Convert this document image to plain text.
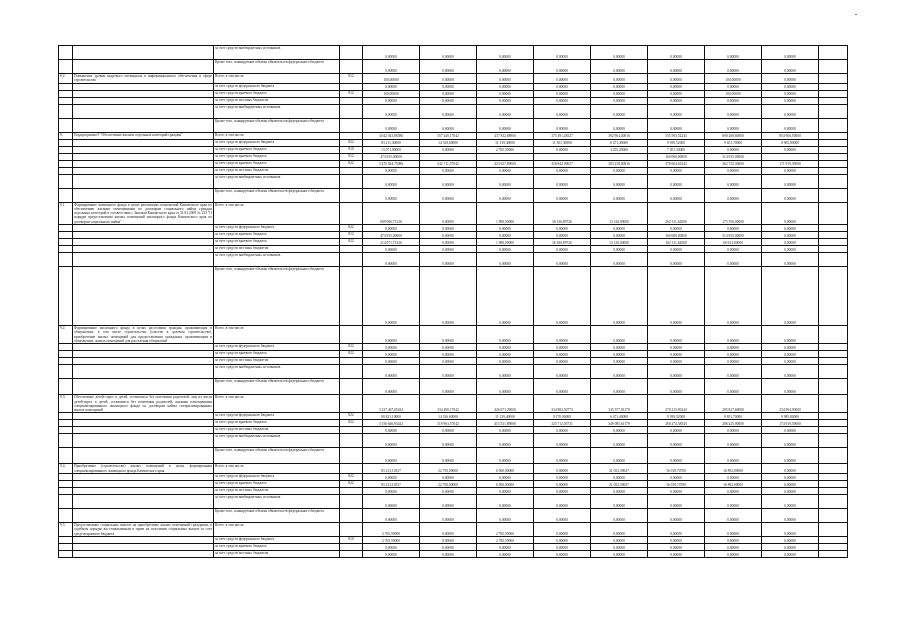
		за счет средств внебюджетных источников		0,00000	0,00000	0,00000	0,00000	0,00000	0,00000	0,00000	0,00000	
		Кроме того, планируемые объемы обязательств федерального бюджета		0,00000	0,00000	0,00000	0,00000	0,00000	0,00000	0,00000	0,00000	
8.2.	Повышение уровня кадрового потенциала в информационного обеспечения в сфере строительства	Всего, в том числе:	812	100,00000	0,00000	0,00000	0,00000	0,00000	0,00000	100,00000	0,00000	
		за счет средств федерального бюджета		0,00000	0,00000	0,00000	0,00000	0,00000	0,00000	0,00000	0,00000	
		за счет средств краевого бюджета	812	100,00000	0,00000	0,00000	0,00000	0,00000	0,00000	100,00000	0,00000	
		за счет средств местных бюджетов		0,00000	0,00000	0,00000	0,00000	0,00000	0,00000	0,00000	0,00000	
		за счет средств внебюджетных источников		0,00000	0,00000	0,00000	0,00000	0,00000	0,00000	0,00000	0,00000	
		Кроме того, планируемые объемы обязательств федерального бюджета		0,00000	0,00000	0,00000	0,00000	0,00000	0,00000	0,00000	0,00000	
9.	Подпрограмма 9 "Обеспечение жильем отдельных категорий граждан"	Всего, в том числе:		4 042 043,86586	357 240,17042	437 832,88900	375 491,28527	392 964,40816	555 595,52243	690 269,60000	854 906,50000	
		за счет средств федерального бюджета	822	83 211,30000	14 528,60000	11 139,40000	11 561,30000	6 471,40000	9 939,52000	9 651,70000	8 905,80000	
		за счет средств краевого бюджета	810	13 071,90000	0,00000	2 765,59000	0,00000	3 255,20000	7 051,30000	0,00000	0,00000	
		за счет средств краевого бюджета	812	474 935,00000					160 000,00000	314 935,00000		
		за счет средств краевого бюджета	822	3 470 824,75086	342 711,57042	423 927,89000	358 842,90657	383 238,00816	378 604,65243	362 732,30000	171 919,39000	
		за счет средств местных бюджетов		0,00000	0,00000	0,00000	0,00000	0,00000	0,00000	0,00000	0,00000	
		за счет средств внебюджетных источников		0,00000	0,00000	0,00000	0,00000	0,00000	0,00000	0,00000	0,00000	
		Кроме того, планируемые объемы обязательств федерального бюджета		0,00000	0,00000	0,00000	0,00000	0,00000	0,00000	0,00000	0,00000	
9.1.	Формирование жилищного фонда в целях реализации полномочий Камчатского края по обеспечению жилыми помещениями по договорам социального найма граждан отдельных категорий в соответствии с Законом Камчатского края от 31.03.2009 № 233 "О порядке предоставления жилых помещений жилищного фонда Камчатского края по договорам социального найма"	Всего, в том числе:		689 006,71326	0,00000	1 890,00000	36 136,89726	13 120,00000	262 311,62000	175 550,00000	0,00000	
		за счет средств федерального бюджета	822	0,00000	0,00000	0,00000	0,00000	0,00000	0,00000	0,00000	0,00000	
		за счет средств краевого бюджета	812	474 935,00000	0,00000	0,00000	0,00000	0,00000	160 000,00000	314 935,00000	0,00000	
		за счет средств краевого бюджета	822	214 071,71326	0,00000	1 890,00000	36 180,89726	13 120,00000	102 311,62000	60 614,00000	0,00000	
		за счет средств местных бюджетов		0,00000	0,00000	0,00000	0,00000	0,00000	0,00000	0,00000	0,00000	
		за счет средств внебюджетных источников		0,00000	0,00000	0,00000	0,00000	0,00000	0,00000	0,00000	0,00000	
		Кроме того, планируемые объемы обязательств федерального бюджета		0,00000	0,00000	0,00000	0,00000	0,00000	0,00000	0,00000	0,00000	
9.2.	Формирование жилищного фонда в целях расселения граждан, проживающих в общежитиях, в том числе строительство (участие в долевом строительстве), приобретение жилых помещений для предоставления гражданам, проживающим в общежитиях, жилых помещений для расселения общежитий	Всего, в том числе:		0,00000	0,00000	0,00000	0,00000	0,00000	0,00000	0,00000	0,00000	
		за счет средств федерального бюджета	822	0,00000	0,00000	0,00000	0,00000	0,00000	0,00000	0,00000	0,00000	
		за счет средств краевого бюджета	822	0,00000	0,00000	0,00000	0,00000	0,00000	0,00000	0,00000	0,00000	
		за счет средств местных бюджетов		0,00000	0,00000	0,00000	0,00000	0,00000	0,00000	0,00000	0,00000	
		за счет средств внебюджетных источников		0,00000	0,00000	0,00000	0,00000	0,00000	0,00000	0,00000	0,00000	
		Кроме того, планируемые объемы обязательств федерального бюджета		0,00000	0,00000	0,00000	0,00000	0,00000	0,00000	0,00000	0,00000	
9.3.	Обеспечение детей-сирот и детей, оставшихся без попечения родителей, лиц из числа детей-сирот и детей, оставшихся без попечения родителей, жилыми помещениями специализированного жилищного фонда по договорам найма специализированных жилых помещений	Всего, в том числе:		3 237 467,05423	334 490,17042	426 671,29000	334 882,50773	335 577,01179	270 215,90243	295 827,60000	234 904,90000	
		за счет средств федерального бюджета	822	80 821,10000	14 526,60000	11 139,40000	9 170,90000	6 471,40000	9 939,52000	9 651,70000	9 985,80000	
		за счет средств краевого бюджета	822	3 156 646,95423	319 963,57042	415 531,89000	325 712,05731	349 085,61179	260 274,38543	286 225,90000	174 919,39000	
		за счет средств местных бюджетов		0,00000	0,00000	0,00000	0,00000	0,00000	0,00000	0,00000	0,00000	
		за счет средств внебюджетных источников		0,00000	0,00000	0,00000	0,00000	0,00000	0,00000	0,00000	0,00000	
		Кроме того, планируемые объемы обязательств федерального бюджета		0,00000	0,00000	0,00000	0,00000	0,00000	0,00000	0,00000	0,00000	
9.4.	Приобретение (строительство) жилых помещений в целях формирования специализированного жилищного фонда Камчатского края	Всего, в том числе:		83 213,10337	22 750,00000	6 500,00000	0,00000	21 052,39637	16 018,70700	16 892,00000	0,00000	
		за счет средств федерального бюджета	822	0,00000	0,00000	0,00000	0,00000	0,00000	0,00000	0,00000	0,00000	
		за счет средств краевого бюджета	822	83 213,10337	22 750,00000	6 500,00000	0,00000	21 052,39637	16 018,70700	16 892,00000	0,00000	
		за счет средств местных бюджетов		0,00000	0,00000	0,00000	0,00000	0,00000	0,00000	0,00000	0,00000	
		за счет средств внебюджетных источников		0,00000	0,00000	0,00000	0,00000	0,00000	0,00000	0,00000	0,00000	
		Кроме того, планируемые объемы обязательств федерального бюджета		0,00000	0,00000	0,00000	0,00000	0,00000	0,00000	0,00000	0,00000	
9.5.	Предоставление социальных выплат на приобретение жилых помещений гражданам, в судебном порядке восстановленным в праве на получение социальных выплат за счет средств краевого бюджета	Всего, в том числе:		2 765,59000	0,00000	2 765,59000	0,00000	0,00000	0,00000	0,00000	0,00000	
		за счет средств федерального бюджета	810	2 765,59000	0,00000	2 765,59000	0,00000	0,00000	0,00000	0,00000	0,00000	
		за счет средств краевого бюджета		0,00000	0,00000	0,00000	0,00000	0,00000	0,00000	0,00000	0,00000	
		за счет средств местных бюджетов		0,00000	0,00000	0,00000	0,00000	0,00000	0,00000	0,00000	0,00000	
